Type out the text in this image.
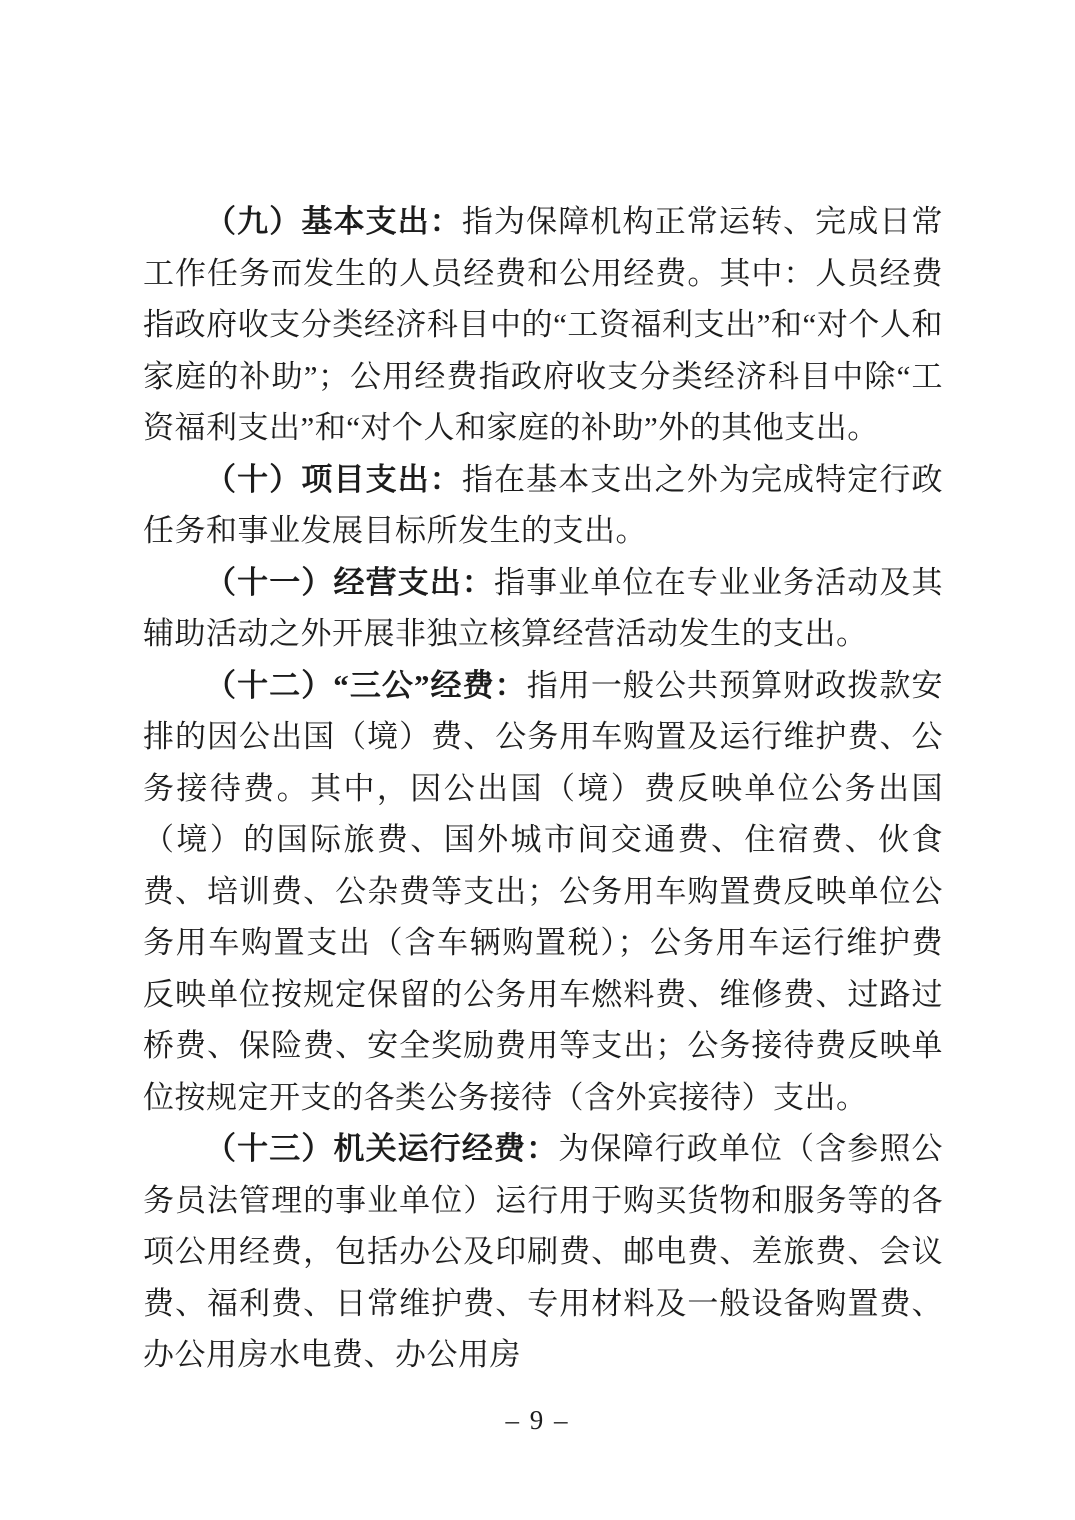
（九）基本支出：指为保障机构正常运转、完成日常工作任务而发生的人员经费和公用经费。其中：人员经费指政府收支分类经济科目中的“工资福利支出”和“对个人和家庭的补助”；公用经费指政府收支分类经济科目中除“工资福利支出”和“对个人和家庭的补助”外的其他支出。

（十）项目支出：指在基本支出之外为完成特定行政任务和事业发展目标所发生的支出。

（十一）经营支出：指事业单位在专业业务活动及其辅助活动之外开展非独立核算经营活动发生的支出。

（十二）“三公”经费：指用一般公共预算财政拨款安排的因公出国（境）费、公务用车购置及运行维护费、公务接待费。其中，因公出国（境）费反映单位公务出国（境）的国际旅费、国外城市间交通费、住宿费、伙食费、培训费、公杂费等支出；公务用车购置费反映单位公务用车购置支出（含车辆购置税）；公务用车运行维护费反映单位按规定保留的公务用车燃料费、维修费、过路过桥费、保险费、安全奖励费用等支出；公务接待费反映单位按规定开支的各类公务接待（含外宾接待）支出。

（十三）机关运行经费：为保障行政单位（含参照公务员法管理的事业单位）运行用于购买货物和服务等的各项公用经费，包括办公及印刷费、邮电费、差旅费、会议费、福利费、日常维护费、专用材料及一般设备购置费、办公用房水电费、办公用房

– 9 –
